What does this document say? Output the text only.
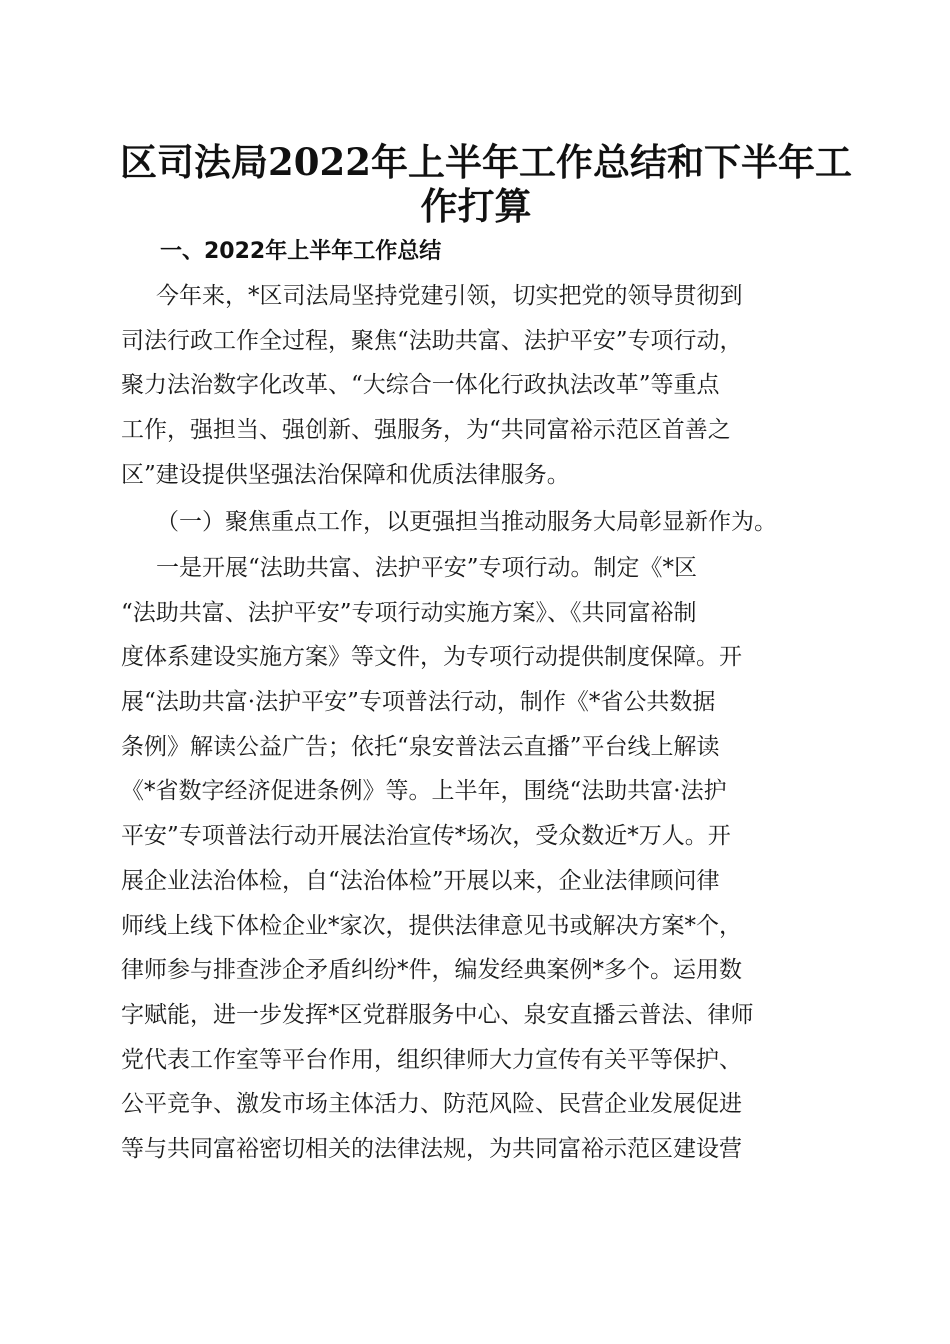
区司法局2022年上半年工作总结和下半年工
作打算
一、2022年上半年工作总结
今年来，*区司法局坚持党建引领，切实把党的领导贯彻到
司法行政工作全过程，聚焦“法助共富、法护平安”专项行动，
聚力法治数字化改革、“大综合一体化行政执法改革”等重点
工作，强担当、强创新、强服务，为“共同富裕示范区首善之
区”建设提供坚强法治保障和优质法律服务。
（一）聚焦重点工作，以更强担当推动服务大局彰显新作为。
一是开展“法助共富、法护平安”专项行动。制定《*区
“法助共富、法护平安”专项行动实施方案》、《共同富裕制
度体系建设实施方案》等文件，为专项行动提供制度保障。开
展“法助共富·法护平安”专项普法行动，制作《*省公共数据
条例》解读公益广告；依托“泉安普法云直播”平台线上解读
《*省数字经济促进条例》等。上半年，围绕“法助共富·法护
平安”专项普法行动开展法治宣传*场次，受众数近*万人。开
展企业法治体检，自“法治体检”开展以来，企业法律顾问律
师线上线下体检企业*家次，提供法律意见书或解决方案*个，
律师参与排查涉企矛盾纠纷*件，编发经典案例*多个。运用数
字赋能，进一步发挥*区党群服务中心、泉安直播云普法、律师
党代表工作室等平台作用，组织律师大力宣传有关平等保护、
公平竞争、激发市场主体活力、防范风险、民营企业发展促进
等与共同富裕密切相关的法律法规，为共同富裕示范区建设营
